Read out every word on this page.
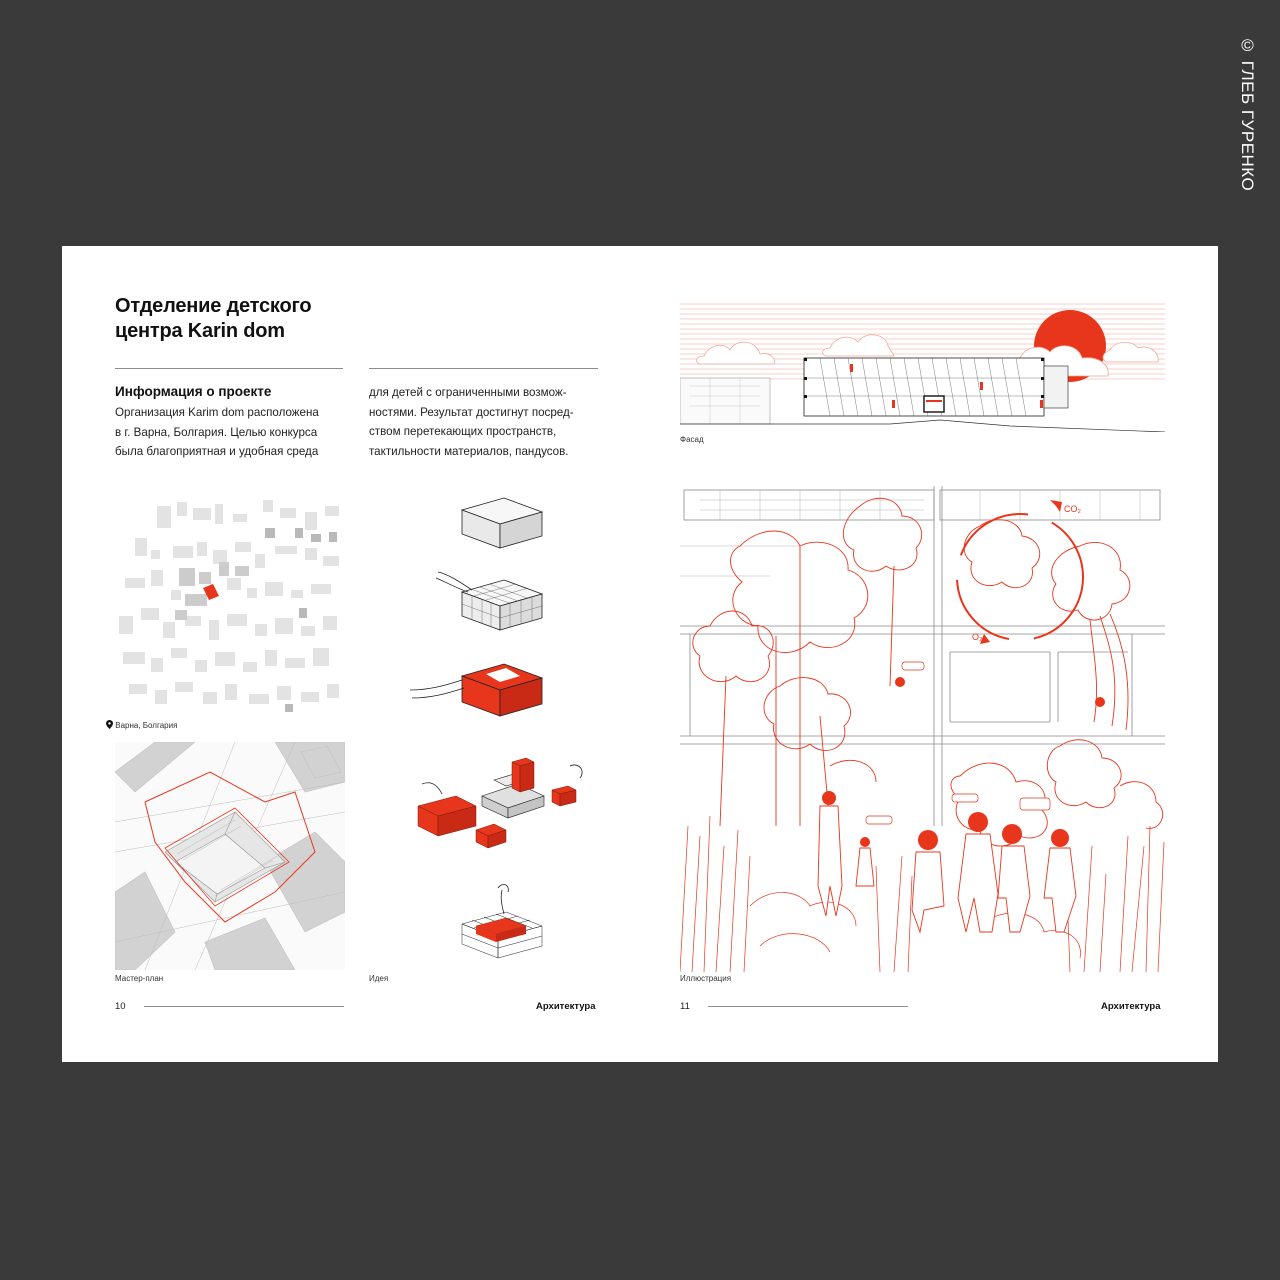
© ГЛЕБ ГУРЕНКО
Отделение детского
центра Karin dom
Информация о проекте
Организация Karim dom расположена
в г. Варна, Болгария. Целью конкурса
была благоприятная и удобная среда
для детей с ограниченными возмож-
ностями. Результат достигнут посред-
ством перетекающих пространств,
тактильности материалов, пандусов.
Варна, Болгария
Мастер-план	Идея
10	Архитектура
Фасад
CO₂
O₂
Иллюстрация
11	Архитектура
